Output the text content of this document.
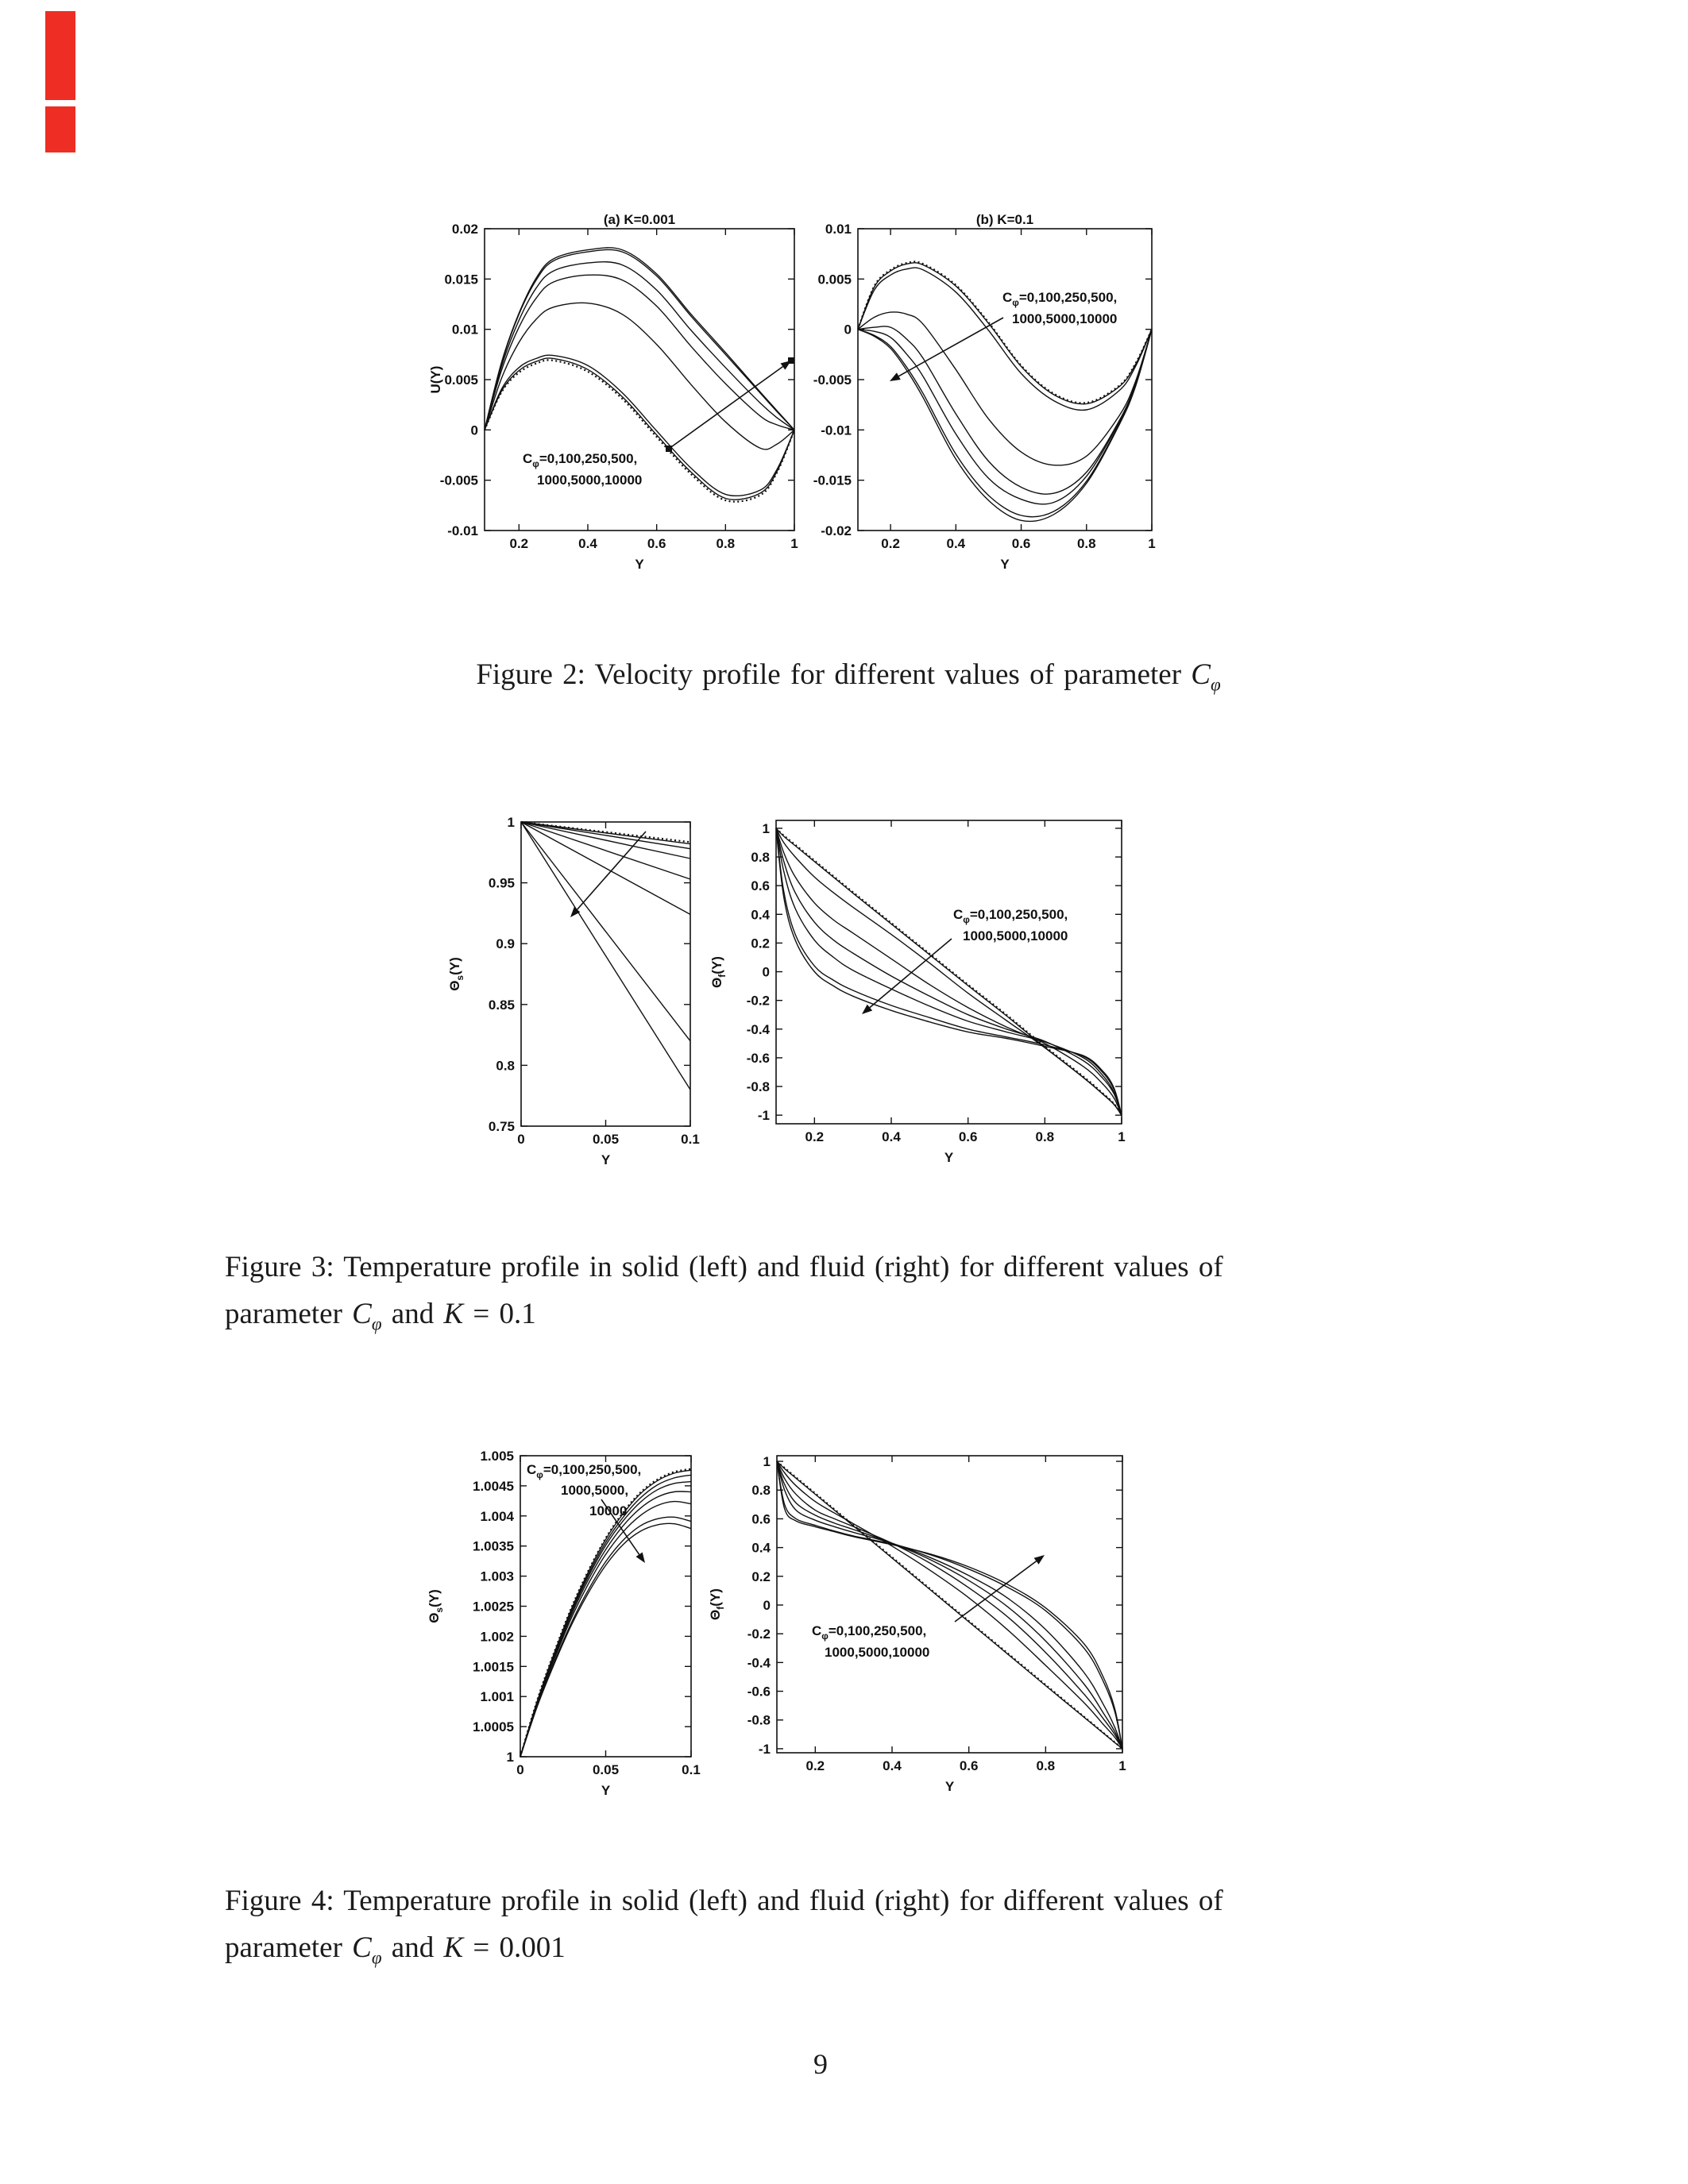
0.2	0.4	0.6	0.8	1
0.02
0.015
0.01
0.005
0
-0.005
-0.01
(a) K=0.001
Y
U(Y)
$C_\varphi=0,100,250,500$,
1000,5000,10000
0.2	0.4	0.6	0.8	1
0.01
0.005
0
-0.005
-0.01
-0.015
-0.02
(b) K=0.1
Y
$C_\varphi=0,100,250,500$,
1000,5000,10000
0	0.05	0.1
1
0.95
0.9
0.85
0.8
0.75
Y
$\Theta_s(Y)$
0.2	0.4	0.6	0.8	1
1
0.8
0.6
0.4
0.2
0
-0.2
-0.4
-0.6
-0.8
-1
Y
$\Theta_f(Y)$
$C_\varphi=0,100,250,500$,
1000,5000,10000
0	0.05	0.1
1.005
1.0045
1.004
1.0035
1.003
1.0025
1.002
1.0015
1.001
1.0005
1
Y
$\Theta_s(Y)$
$C_\varphi=0,100,250,500$,
1000,5000,
10000
0.2	0.4	0.6	0.8	1
1
0.8
0.6
0.4
0.2
0
-0.2
-0.4
-0.6
-0.8
-1
Y
$\Theta_f(Y)$
$C_\varphi=0,100,250,500$,
1000,5000,10000
Figure 2: Velocity profile for different values of parameter $C_\varphi$
Figure 3: Temperature profile in solid (left) and fluid (right) for different values of
parameter $C_\varphi$ and K = 0.1
Figure 4: Temperature profile in solid (left) and fluid (right) for different values of
parameter $C_\varphi$ and K = 0.001
9
